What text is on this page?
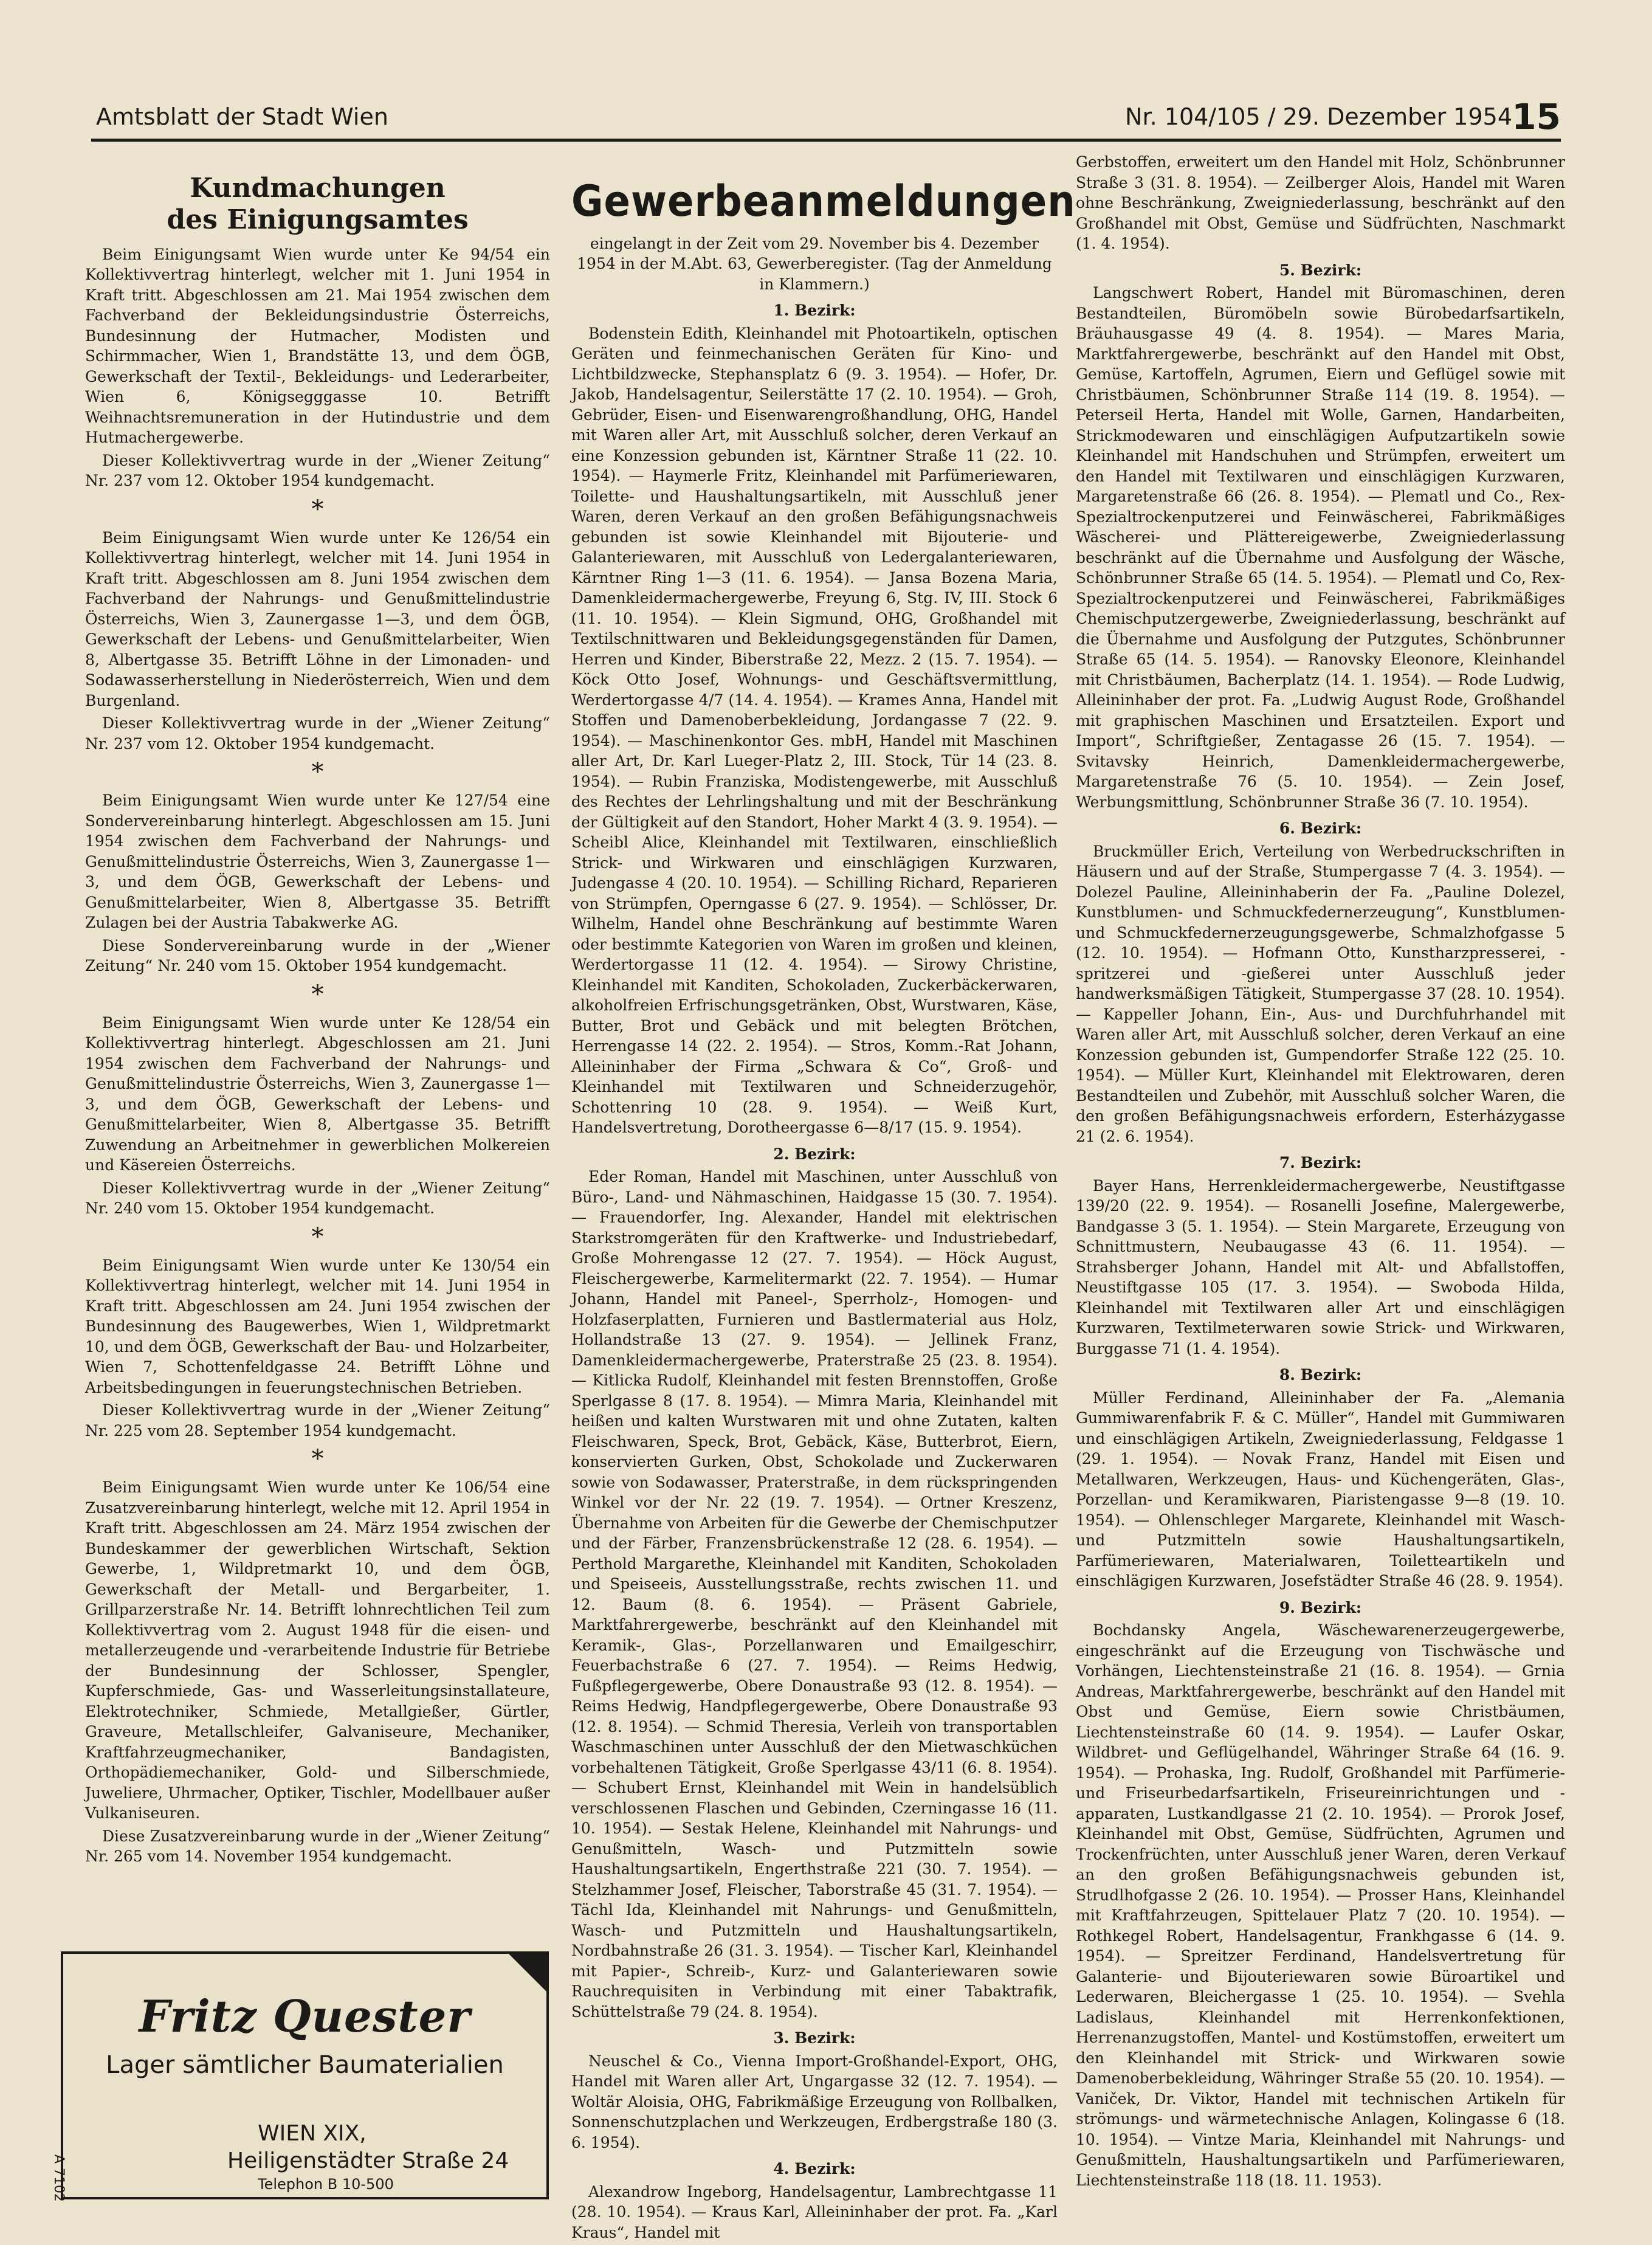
Amtsblatt der Stadt Wien	Nr. 104/105 / 29. Dezember 1954 15
Kundmachungen
des Einigungsamtes

Beim Einigungsamt Wien wurde unter Ke 94/54 ein Kollektivvertrag hinterlegt, welcher mit 1. Juni 1954 in Kraft tritt. Abgeschlossen am 21. Mai 1954 zwischen dem Fachverband der Bekleidungsindustrie Österreichs, Bundesinnung der Hutmacher, Modisten und Schirmmacher, Wien 1, Brandstätte 13, und dem ÖGB, Gewerkschaft der Textil-, Bekleidungs- und Lederarbeiter, Wien 6, Königsegggasse 10. Betrifft Weihnachtsremuneration in der Hutindustrie und dem Hutmachergewerbe.

Dieser Kollektivvertrag wurde in der „Wiener Zeitung“ Nr. 237 vom 12. Oktober 1954 kundgemacht.

*

Beim Einigungsamt Wien wurde unter Ke 126/54 ein Kollektivvertrag hinterlegt, welcher mit 14. Juni 1954 in Kraft tritt. Abgeschlossen am 8. Juni 1954 zwischen dem Fachverband der Nahrungs- und Genußmittelindustrie Österreichs, Wien 3, Zaunergasse 1—3, und dem ÖGB, Gewerkschaft der Lebens- und Genußmittelarbeiter, Wien 8, Albertgasse 35. Betrifft Löhne in der Limonaden- und Sodawasserherstellung in Niederösterreich, Wien und dem Burgenland.

Dieser Kollektivvertrag wurde in der „Wiener Zeitung“ Nr. 237 vom 12. Oktober 1954 kundgemacht.

*

Beim Einigungsamt Wien wurde unter Ke 127/54 eine Sondervereinbarung hinterlegt. Abgeschlossen am 15. Juni 1954 zwischen dem Fachverband der Nahrungs- und Genußmittelindustrie Österreichs, Wien 3, Zaunergasse 1—3, und dem ÖGB, Gewerkschaft der Lebens- und Genußmittelarbeiter, Wien 8, Albertgasse 35. Betrifft Zulagen bei der Austria Tabakwerke AG.

Diese Sondervereinbarung wurde in der „Wiener Zeitung“ Nr. 240 vom 15. Oktober 1954 kundgemacht.

*

Beim Einigungsamt Wien wurde unter Ke 128/54 ein Kollektivvertrag hinterlegt. Abgeschlossen am 21. Juni 1954 zwischen dem Fachverband der Nahrungs- und Genußmittelindustrie Österreichs, Wien 3, Zaunergasse 1—3, und dem ÖGB, Gewerkschaft der Lebens- und Genußmittelarbeiter, Wien 8, Albertgasse 35. Betrifft Zuwendung an Arbeitnehmer in gewerblichen Molkereien und Käsereien Österreichs.

Dieser Kollektivvertrag wurde in der „Wiener Zeitung“ Nr. 240 vom 15. Oktober 1954 kundgemacht.

*

Beim Einigungsamt Wien wurde unter Ke 130/54 ein Kollektivvertrag hinterlegt, welcher mit 14. Juni 1954 in Kraft tritt. Abgeschlossen am 24. Juni 1954 zwischen der Bundesinnung des Baugewerbes, Wien 1, Wildpretmarkt 10, und dem ÖGB, Gewerkschaft der Bau- und Holzarbeiter, Wien 7, Schottenfeldgasse 24. Betrifft Löhne und Arbeitsbedingungen in feuerungstechnischen Betrieben.

Dieser Kollektivvertrag wurde in der „Wiener Zeitung“ Nr. 225 vom 28. September 1954 kundgemacht.

*

Beim Einigungsamt Wien wurde unter Ke 106/54 eine Zusatzvereinbarung hinterlegt, welche mit 12. April 1954 in Kraft tritt. Abgeschlossen am 24. März 1954 zwischen der Bundeskammer der gewerblichen Wirtschaft, Sektion Gewerbe, 1, Wildpretmarkt 10, und dem ÖGB, Gewerkschaft der Metall- und Bergarbeiter, 1. Grillparzerstraße Nr. 14. Betrifft lohnrechtlichen Teil zum Kollektivvertrag vom 2. August 1948 für die eisen- und metallerzeugende und -verarbeitende Industrie für Betriebe der Bundesinnung der Schlosser, Spengler, Kupferschmiede, Gas- und Wasserleitungsinstallateure, Elektrotechniker, Schmiede, Metallgießer, Gürtler, Graveure, Metallschleifer, Galvaniseure, Mechaniker, Kraftfahrzeugmechaniker, Bandagisten, Orthopädiemechaniker, Gold- und Silberschmiede, Juweliere, Uhrmacher, Optiker, Tischler, Modellbauer außer Vulkaniseuren.

Diese Zusatzvereinbarung wurde in der „Wiener Zeitung“ Nr. 265 vom 14. November 1954 kundgemacht.

Fritz Quester
Lager sämtlicher Baumaterialien
WIEN XIX,
Heiligenstädter Straße 24
Telephon B 10-500
A 7102
Gewerbeanmeldungen
eingelangt in der Zeit vom 29. November bis 4. Dezember 1954 in der M.Abt. 63, Gewerberegister. (Tag der Anmeldung in Klammern.)
1. Bezirk:

Bodenstein Edith, Kleinhandel mit Photoartikeln, optischen Geräten und feinmechanischen Geräten für Kino- und Lichtbildzwecke, Stephansplatz 6 (9. 3. 1954). — Hofer, Dr. Jakob, Handelsagentur, Seilerstätte 17 (2. 10. 1954). — Groh, Gebrüder, Eisen- und Eisenwarengroßhandlung, OHG, Handel mit Waren aller Art, mit Ausschluß solcher, deren Verkauf an eine Konzession gebunden ist, Kärntner Straße 11 (22. 10. 1954). — Haymerle Fritz, Kleinhandel mit Parfümeriewaren, Toilette- und Haushaltungsartikeln, mit Ausschluß jener Waren, deren Verkauf an den großen Befähigungsnachweis gebunden ist sowie Kleinhandel mit Bijouterie- und Galanteriewaren, mit Ausschluß von Ledergalanteriewaren, Kärntner Ring 1—3 (11. 6. 1954). — Jansa Bozena Maria, Damenkleidermachergewerbe, Freyung 6, Stg. IV, III. Stock 6 (11. 10. 1954). — Klein Sigmund, OHG, Großhandel mit Textilschnittwaren und Bekleidungsgegenständen für Damen, Herren und Kinder, Biberstraße 22, Mezz. 2 (15. 7. 1954). — Köck Otto Josef, Wohnungs- und Geschäftsvermittlung, Werdertorgasse 4/7 (14. 4. 1954). — Krames Anna, Handel mit Stoffen und Damenoberbekleidung, Jordangasse 7 (22. 9. 1954). — Maschinenkontor Ges. mbH, Handel mit Maschinen aller Art, Dr. Karl Lueger-Platz 2, III. Stock, Tür 14 (23. 8. 1954). — Rubin Franziska, Modistengewerbe, mit Ausschluß des Rechtes der Lehrlingshaltung und mit der Beschränkung der Gültigkeit auf den Standort, Hoher Markt 4 (3. 9. 1954). — Scheibl Alice, Kleinhandel mit Textilwaren, einschließlich Strick- und Wirkwaren und einschlägigen Kurzwaren, Judengasse 4 (20. 10. 1954). — Schilling Richard, Reparieren von Strümpfen, Operngasse 6 (27. 9. 1954). — Schlösser, Dr. Wilhelm, Handel ohne Beschränkung auf bestimmte Waren oder bestimmte Kategorien von Waren im großen und kleinen, Werdertorgasse 11 (12. 4. 1954). — Sirowy Christine, Kleinhandel mit Kanditen, Schokoladen, Zuckerbäckerwaren, alkoholfreien Erfrischungsgetränken, Obst, Wurstwaren, Käse, Butter, Brot und Gebäck und mit belegten Brötchen, Herrengasse 14 (22. 2. 1954). — Stros, Komm.-Rat Johann, Alleininhaber der Firma „Schwara & Co“, Groß- und Kleinhandel mit Textilwaren und Schneiderzugehör, Schottenring 10 (28. 9. 1954). — Weiß Kurt, Handelsvertretung, Dorotheergasse 6—8/17 (15. 9. 1954).

2. Bezirk:

Eder Roman, Handel mit Maschinen, unter Ausschluß von Büro-, Land- und Nähmaschinen, Haidgasse 15 (30. 7. 1954). — Frauendorfer, Ing. Alexander, Handel mit elektrischen Starkstromgeräten für den Kraftwerke- und Industriebedarf, Große Mohrengasse 12 (27. 7. 1954). — Höck August, Fleischergewerbe, Karmelitermarkt (22. 7. 1954). — Humar Johann, Handel mit Paneel-, Sperrholz-, Homogen- und Holzfaserplatten, Furnieren und Bastlermaterial aus Holz, Hollandstraße 13 (27. 9. 1954). — Jellinek Franz, Damenkleidermachergewerbe, Praterstraße 25 (23. 8. 1954). — Kitlicka Rudolf, Kleinhandel mit festen Brennstoffen, Große Sperlgasse 8 (17. 8. 1954). — Mimra Maria, Kleinhandel mit heißen und kalten Wurstwaren mit und ohne Zutaten, kalten Fleischwaren, Speck, Brot, Gebäck, Käse, Butterbrot, Eiern, konservierten Gurken, Obst, Schokolade und Zuckerwaren sowie von Sodawasser, Praterstraße, in dem rückspringenden Winkel vor der Nr. 22 (19. 7. 1954). — Ortner Kreszenz, Übernahme von Arbeiten für die Gewerbe der Chemischputzer und der Färber, Franzensbrückenstraße 12 (28. 6. 1954). — Perthold Margarethe, Kleinhandel mit Kanditen, Schokoladen und Speiseeis, Ausstellungsstraße, rechts zwischen 11. und 12. Baum (8. 6. 1954). — Präsent Gabriele, Marktfahrergewerbe, beschränkt auf den Kleinhandel mit Keramik-, Glas-, Porzellanwaren und Emailgeschirr, Feuerbachstraße 6 (27. 7. 1954). — Reims Hedwig, Fußpflegergewerbe, Obere Donaustraße 93 (12. 8. 1954). — Reims Hedwig, Handpflegergewerbe, Obere Donaustraße 93 (12. 8. 1954). — Schmid Theresia, Verleih von transportablen Waschmaschinen unter Ausschluß der den Mietwaschküchen vorbehaltenen Tätigkeit, Große Sperlgasse 43/11 (6. 8. 1954). — Schubert Ernst, Kleinhandel mit Wein in handelsüblich verschlossenen Flaschen und Gebinden, Czerningasse 16 (11. 10. 1954). — Sestak Helene, Kleinhandel mit Nahrungs- und Genußmitteln, Wasch- und Putzmitteln sowie Haushaltungsartikeln, Engerthstraße 221 (30. 7. 1954). — Stelzhammer Josef, Fleischer, Taborstraße 45 (31. 7. 1954). — Tächl Ida, Kleinhandel mit Nahrungs- und Genußmitteln, Wasch- und Putzmitteln und Haushaltungsartikeln, Nordbahnstraße 26 (31. 3. 1954). — Tischer Karl, Kleinhandel mit Papier-, Schreib-, Kurz- und Galanteriewaren sowie Rauchrequisiten in Verbindung mit einer Tabaktrafik, Schüttelstraße 79 (24. 8. 1954).

3. Bezirk:

Neuschel & Co., Vienna Import-Großhandel-Export, OHG, Handel mit Waren aller Art, Ungargasse 32 (12. 7. 1954). — Woltär Aloisia, OHG, Fabrikmäßige Erzeugung von Rollbalken, Sonnenschutzplachen und Werkzeugen, Erdbergstraße 180 (3. 6. 1954).

4. Bezirk:

Alexandrow Ingeborg, Handelsagentur, Lambrechtgasse 11 (28. 10. 1954). — Kraus Karl, Alleininhaber der prot. Fa. „Karl Kraus“, Handel mit

Gerbstoffen, erweitert um den Handel mit Holz, Schönbrunner Straße 3 (31. 8. 1954). — Zeilberger Alois, Handel mit Waren ohne Beschränkung, Zweigniederlassung, beschränkt auf den Großhandel mit Obst, Gemüse und Südfrüchten, Naschmarkt (1. 4. 1954).

5. Bezirk:

Langschwert Robert, Handel mit Büromaschinen, deren Bestandteilen, Büromöbeln sowie Bürobedarfsartikeln, Bräuhausgasse 49 (4. 8. 1954). — Mares Maria, Marktfahrergewerbe, beschränkt auf den Handel mit Obst, Gemüse, Kartoffeln, Agrumen, Eiern und Geflügel sowie mit Christbäumen, Schönbrunner Straße 114 (19. 8. 1954). — Peterseil Herta, Handel mit Wolle, Garnen, Handarbeiten, Strickmodewaren und einschlägigen Aufputzartikeln sowie Kleinhandel mit Handschuhen und Strümpfen, erweitert um den Handel mit Textilwaren und einschlägigen Kurzwaren, Margaretenstraße 66 (26. 8. 1954). — Plematl und Co., Rex-Spezialtrockenputzerei und Feinwäscherei, Fabrikmäßiges Wäscherei- und Plättereigewerbe, Zweigniederlassung beschränkt auf die Übernahme und Ausfolgung der Wäsche, Schönbrunner Straße 65 (14. 5. 1954). — Plematl und Co, Rex-Spezialtrockenputzerei und Feinwäscherei, Fabrikmäßiges Chemischputzergewerbe, Zweigniederlassung, beschränkt auf die Übernahme und Ausfolgung der Putzgutes, Schönbrunner Straße 65 (14. 5. 1954). — Ranovsky Eleonore, Kleinhandel mit Christbäumen, Bacherplatz (14. 1. 1954). — Rode Ludwig, Alleininhaber der prot. Fa. „Ludwig August Rode, Großhandel mit graphischen Maschinen und Ersatzteilen. Export und Import“, Schriftgießer, Zentagasse 26 (15. 7. 1954). — Svitavsky Heinrich, Damenkleidermachergewerbe, Margaretenstraße 76 (5. 10. 1954). — Zein Josef, Werbungsmittlung, Schönbrunner Straße 36 (7. 10. 1954).

6. Bezirk:

Bruckmüller Erich, Verteilung von Werbedruckschriften in Häusern und auf der Straße, Stumpergasse 7 (4. 3. 1954). — Dolezel Pauline, Alleininhaberin der Fa. „Pauline Dolezel, Kunstblumen- und Schmuckfedernerzeugung“, Kunstblumen- und Schmuckfedernerzeugungsgewerbe, Schmalzhofgasse 5 (12. 10. 1954). — Hofmann Otto, Kunstharzpresserei, -spritzerei und -gießerei unter Ausschluß jeder handwerksmäßigen Tätigkeit, Stumpergasse 37 (28. 10. 1954). — Kappeller Johann, Ein-, Aus- und Durchfuhrhandel mit Waren aller Art, mit Ausschluß solcher, deren Verkauf an eine Konzession gebunden ist, Gumpendorfer Straße 122 (25. 10. 1954). — Müller Kurt, Kleinhandel mit Elektrowaren, deren Bestandteilen und Zubehör, mit Ausschluß solcher Waren, die den großen Befähigungsnachweis erfordern, Esterházygasse 21 (2. 6. 1954).

7. Bezirk:

Bayer Hans, Herrenkleidermachergewerbe, Neustiftgasse 139/20 (22. 9. 1954). — Rosanelli Josefine, Malergewerbe, Bandgasse 3 (5. 1. 1954). — Stein Margarete, Erzeugung von Schnittmustern, Neubaugasse 43 (6. 11. 1954). — Strahsberger Johann, Handel mit Alt- und Abfallstoffen, Neustiftgasse 105 (17. 3. 1954). — Swoboda Hilda, Kleinhandel mit Textilwaren aller Art und einschlägigen Kurzwaren, Textilmeterwaren sowie Strick- und Wirkwaren, Burggasse 71 (1. 4. 1954).

8. Bezirk:

Müller Ferdinand, Alleininhaber der Fa. „Alemania Gummiwarenfabrik F. & C. Müller“, Handel mit Gummiwaren und einschlägigen Artikeln, Zweigniederlassung, Feldgasse 1 (29. 1. 1954). — Novak Franz, Handel mit Eisen und Metallwaren, Werkzeugen, Haus- und Küchengeräten, Glas-, Porzellan- und Keramikwaren, Piaristengasse 9—8 (19. 10. 1954). — Ohlenschleger Margarete, Kleinhandel mit Wasch- und Putzmitteln sowie Haushaltungsartikeln, Parfümeriewaren, Materialwaren, Toiletteartikeln und einschlägigen Kurzwaren, Josefstädter Straße 46 (28. 9. 1954).

9. Bezirk:

Bochdansky Angela, Wäschewarenerzeugergewerbe, eingeschränkt auf die Erzeugung von Tischwäsche und Vorhängen, Liechtensteinstraße 21 (16. 8. 1954). — Grnia Andreas, Marktfahrergewerbe, beschränkt auf den Handel mit Obst und Gemüse, Eiern sowie Christbäumen, Liechtensteinstraße 60 (14. 9. 1954). — Laufer Oskar, Wildbret- und Geflügelhandel, Währinger Straße 64 (16. 9. 1954). — Prohaska, Ing. Rudolf, Großhandel mit Parfümerie- und Friseurbedarfsartikeln, Friseureinrichtungen und -apparaten, Lustkandlgasse 21 (2. 10. 1954). — Prorok Josef, Kleinhandel mit Obst, Gemüse, Südfrüchten, Agrumen und Trockenfrüchten, unter Ausschluß jener Waren, deren Verkauf an den großen Befähigungsnachweis gebunden ist, Strudlhofgasse 2 (26. 10. 1954). — Prosser Hans, Kleinhandel mit Kraftfahrzeugen, Spittelauer Platz 7 (20. 10. 1954). — Rothkegel Robert, Handelsagentur, Frankhgasse 6 (14. 9. 1954). — Spreitzer Ferdinand, Handelsvertretung für Galanterie- und Bijouteriewaren sowie Büroartikel und Lederwaren, Bleichergasse 1 (25. 10. 1954). — Svehla Ladislaus, Kleinhandel mit Herrenkonfektionen, Herrenanzugstoffen, Mantel- und Kostümstoffen, erweitert um den Kleinhandel mit Strick- und Wirkwaren sowie Damenoberbekleidung, Währinger Straße 55 (20. 10. 1954). — Vaniček, Dr. Viktor, Handel mit technischen Artikeln für strömungs- und wärmetechnische Anlagen, Kolingasse 6 (18. 10. 1954). — Vintze Maria, Kleinhandel mit Nahrungs- und Genußmitteln, Haushaltungsartikeln und Parfümeriewaren, Liechtensteinstraße 118 (18. 11. 1953).
